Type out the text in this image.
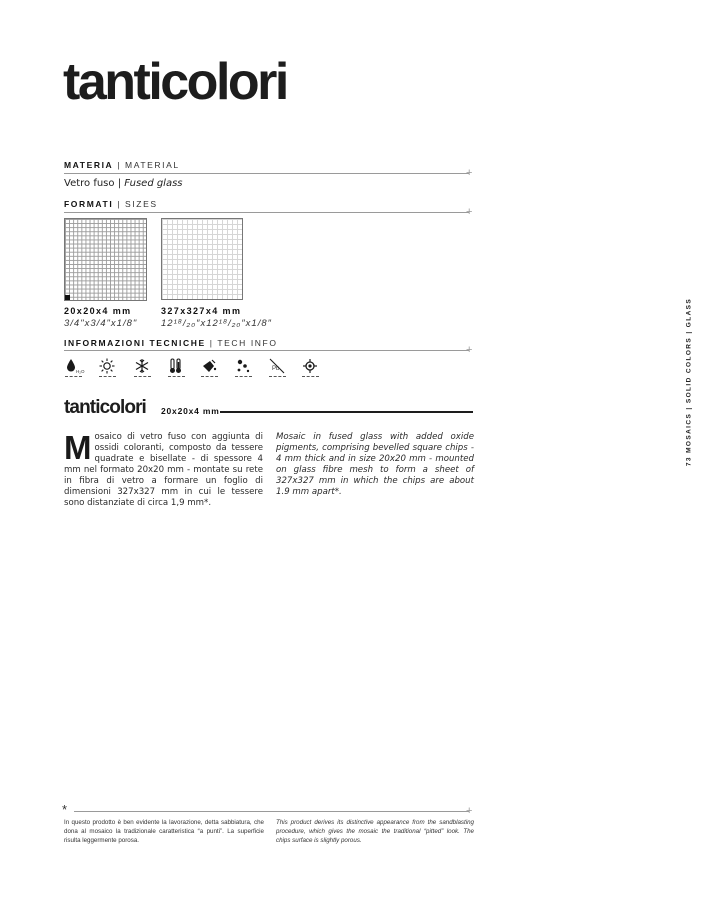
tanticolori
MATERIA | MATERIAL
+
Vetro fuso | Fused glass
FORMATI | SIZES
+
20x20x4 mm
3/4"x3/4"x1/8"
327x327x4 mm
12¹⁸/₂₀″x12¹⁸/₂₀″x1/8″
INFORMAZIONI TECNICHE | TECH INFO
+
H₂O	Pb
tanticolori 20x20x4 mm
Mosaico di vetro fuso con aggiunta di ossidi coloranti, composto da tessere quadrate e bisellate - di spessore 4 mm nel formato 20x20 mm - montate su rete in fibra di vetro a formare un foglio di dimensioni 327x327 mm in cui le tessere sono distanziate di circa 1,9 mm*.
Mosaic in fused glass with added oxide pigments, comprising bevelled square chips - 4 mm thick and in size 20x20 mm - mounted on glass fibre mesh to form a sheet of 327x327 mm in which the chips are about 1.9 mm apart*.
73 MOSAICS | SOLID COLORS | GLASS
*	+
In questo prodotto è ben evidente la lavorazione, detta sabbiatura, che dona al mosaico la tradizionale caratteristica “a punti”. La superficie risulta leggermente porosa.
This product derives its distinctive appearance from the sandblasting procedure, which gives the mosaic the traditional “pitted” look. The chips surface is slightly porous.
